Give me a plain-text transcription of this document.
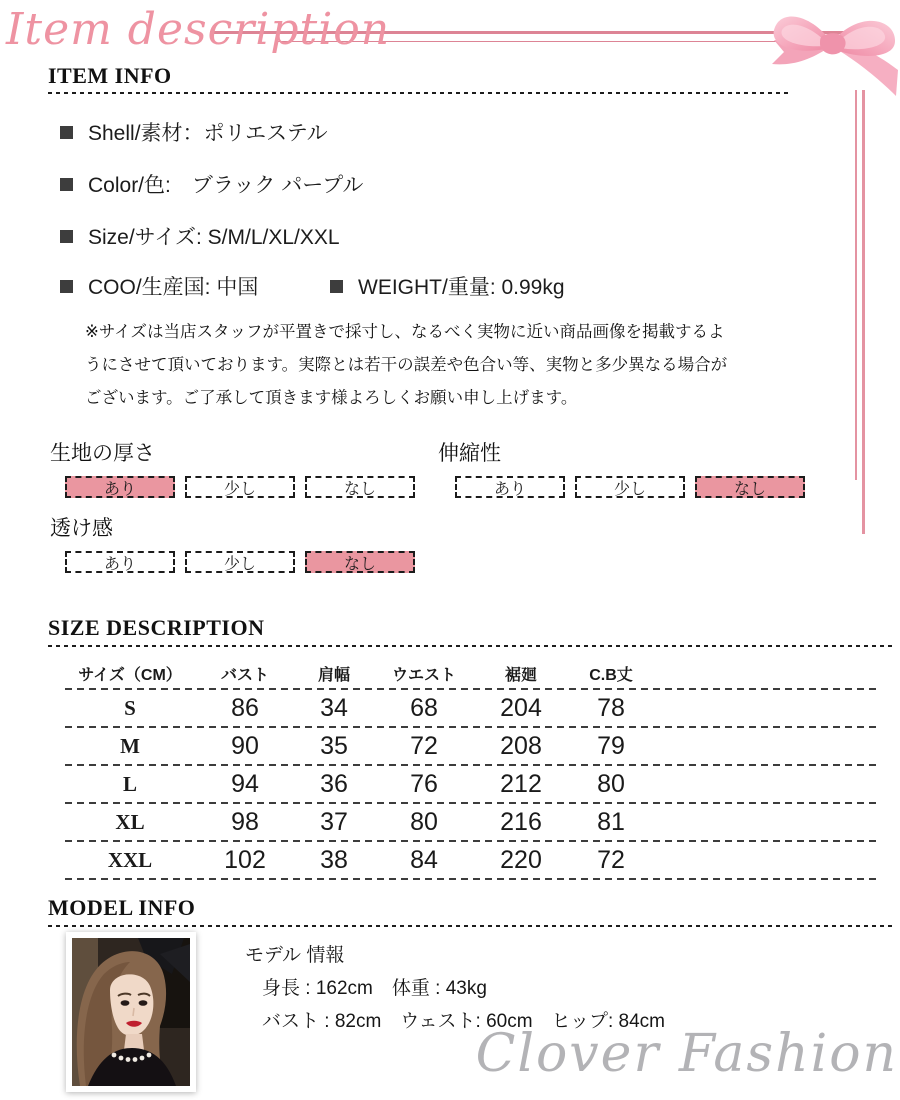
Item description
ITEM INFO
Shell/素材：ポリエステル
Color/色:　ブラック パープル
Size/サイズ: S/M/L/XL/XXL
COO/生産国: 中国	WEIGHT/重量: 0.99kg
※サイズは当店スタッフが平置きで採寸し、なるべく実物に近い商品画像を掲載するよ
うにさせて頂いております。実際とは若干の誤差や色合い等、実物と多少異なる場合が
ございます。ご了承して頂きます様よろしくお願い申し上げます。
生地の厚さ
あり	少し	なし
伸縮性
あり	少し	なし
透け感
あり	少し	なし
SIZE DESCRIPTION
サイズ（CM）	バスト	肩幅	ウエスト	裾廻	C.B丈
S	86	34	68	204	78
M	90	35	72	208	79
L	94	36	76	212	80
XL	98	37	80	216	81
XXL	102	38	84	220	72
MODEL INFO
モデル 情報
身長 : 162cm　体重 : 43kg
バスト : 82cm　ウェスト: 60cm　ヒップ: 84cm
Clover Fashion
